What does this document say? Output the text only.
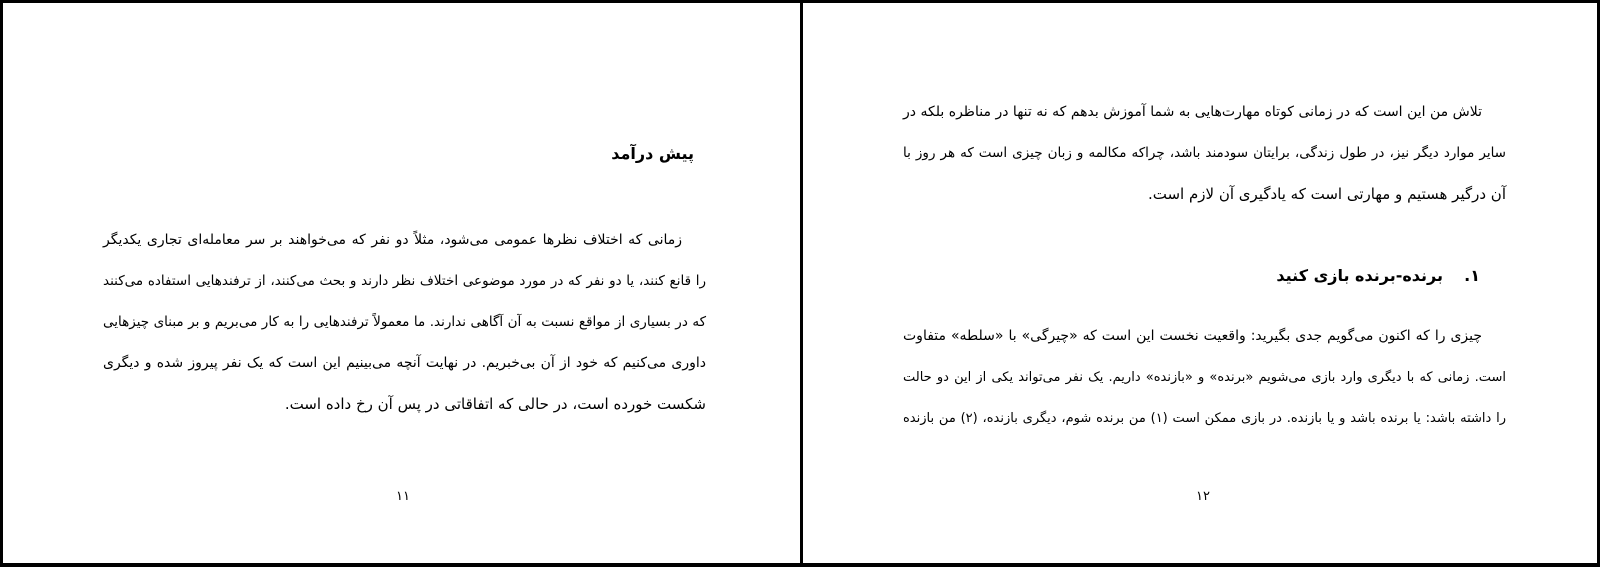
پیش درآمد
زمانی که اختلاف نظرها عمومی می‌شود، مثلاً دو نفر که می‌خواهند بر سر معامله‌ای تجاری یکدیگر
را قانع کنند، یا دو نفر که در مورد موضوعی اختلاف نظر دارند و بحث می‌کنند، از ترفندهایی استفاده می‌کنند
که در بسیاری از مواقع نسبت به آن آگاهی ندارند. ما معمولاً ترفندهایی را به کار می‌بریم و بر مبنای چیزهایی
داوری می‌کنیم که خود از آن بی‌خبریم. در نهایت آنچه می‌بینیم این است که یک نفر پیروز شده و دیگری
شکست خورده است، در حالی که اتفاقاتی در پس آن رخ داده است.
۱۱
تلاش من این است که در زمانی کوتاه مهارت‌هایی به شما آموزش بدهم که نه تنها در مناظره بلکه در
سایر موارد دیگر نیز، در طول زندگی، برایتان سودمند باشد، چراکه مکالمه و زبان چیزی است که هر روز با
آن درگیر هستیم و مهارتی است که یادگیری آن لازم است.
۱.  برنده-برنده بازی کنید
چیزی را که اکنون می‌گویم جدی بگیرید: واقعیت نخست این است که «چیرگی» با «سلطه» متفاوت
است. زمانی که با دیگری وارد بازی می‌شویم «برنده» و «بازنده» داریم. یک نفر می‌تواند یکی از این دو حالت
را داشته باشد: یا برنده باشد و یا بازنده. در بازی ممکن است (۱) من برنده شوم، دیگری بازنده، (۲) من بازنده
۱۲
